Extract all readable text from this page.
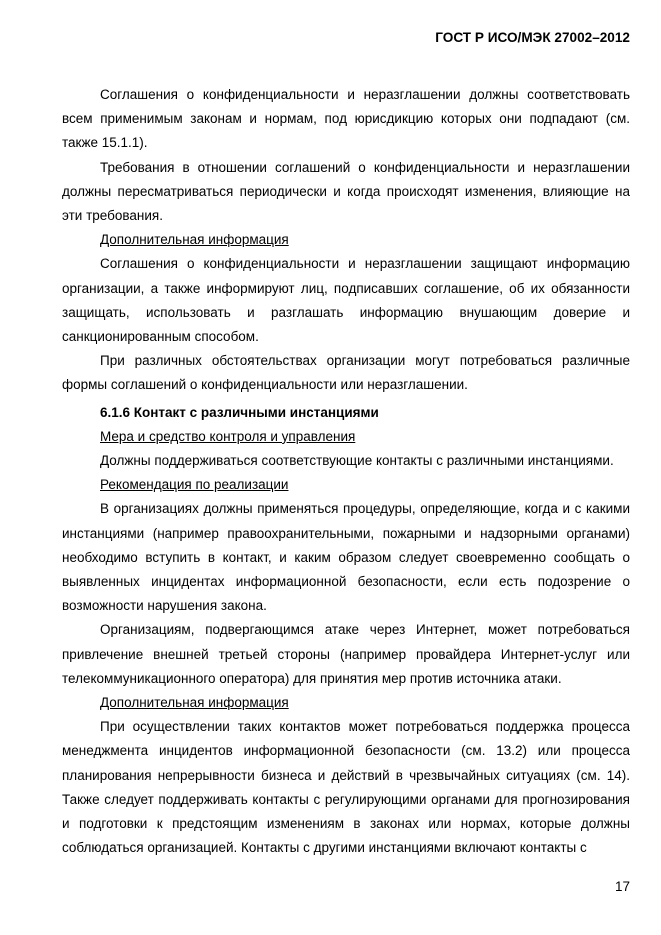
ГОСТ Р ИСО/МЭК 27002–2012

Соглашения о конфиденциальности и неразглашении должны соответствовать всем применимым законам и нормам, под юрисдикцию которых они подпадают (см. также 15.1.1).

Требования в отношении соглашений о конфиденциальности и неразглашении должны пересматриваться периодически и когда происходят изменения, влияющие на эти требования.

Дополнительная информация

Соглашения о конфиденциальности и неразглашении защищают информацию организации, а также информируют лиц, подписавших соглашение, об их обязанности защищать, использовать и разглашать информацию внушающим доверие и санкционированным способом.

При различных обстоятельствах организации могут потребоваться различные формы соглашений о конфиденциальности или неразглашении.

6.1.6 Контакт с различными инстанциями

Мера и средство контроля и управления

Должны поддерживаться соответствующие контакты с различными инстанциями.

Рекомендация по реализации

В организациях должны применяться процедуры, определяющие, когда и с какими инстанциями (например правоохранительными, пожарными и надзорными органами) необходимо вступить в контакт, и каким образом следует своевременно сообщать о выявленных инцидентах информационной безопасности, если есть подозрение о возможности нарушения закона.

Организациям, подвергающимся атаке через Интернет, может потребоваться привлечение внешней третьей стороны (например провайдера Интернет-услуг или телекоммуникационного оператора) для принятия мер против источника атаки.

Дополнительная информация

При осуществлении таких контактов может потребоваться поддержка процесса менеджмента инцидентов информационной безопасности (см. 13.2) или процесса планирования непрерывности бизнеса и действий в чрезвычайных ситуациях (см. 14). Также следует поддерживать контакты с регулирующими органами для прогнозирования и подготовки к предстоящим изменениям в законах или нормах, которые должны соблюдаться организацией. Контакты с другими инстанциями включают контакты с

17
